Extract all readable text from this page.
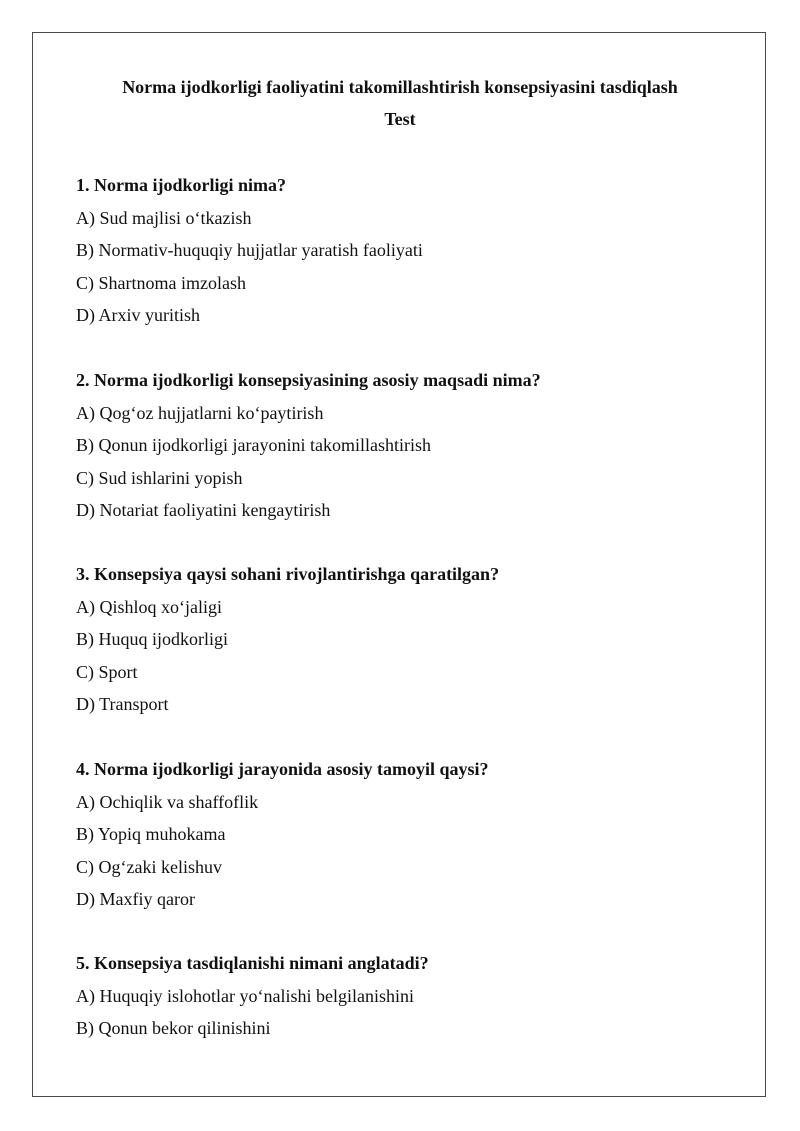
Norma ijodkorligi faoliyatini takomillashtirish konsepsiyasini tasdiqlash
Test
1. Norma ijodkorligi nima?
A) Sud majlisi o‘tkazish
B) Normativ-huquqiy hujjatlar yaratish faoliyati
C) Shartnoma imzolash
D) Arxiv yuritish
2. Norma ijodkorligi konsepsiyasining asosiy maqsadi nima?
A) Qog‘oz hujjatlarni ko‘paytirish
B) Qonun ijodkorligi jarayonini takomillashtirish
C) Sud ishlarini yopish
D) Notariat faoliyatini kengaytirish
3. Konsepsiya qaysi sohani rivojlantirishga qaratilgan?
A) Qishloq xo‘jaligi
B) Huquq ijodkorligi
C) Sport
D) Transport
4. Norma ijodkorligi jarayonida asosiy tamoyil qaysi?
A) Ochiqlik va shaffoflik
B) Yopiq muhokama
C) Og‘zaki kelishuv
D) Maxfiy qaror
5. Konsepsiya tasdiqlanishi nimani anglatadi?
A) Huquqiy islohotlar yo‘nalishi belgilanishini
B) Qonun bekor qilinishini
